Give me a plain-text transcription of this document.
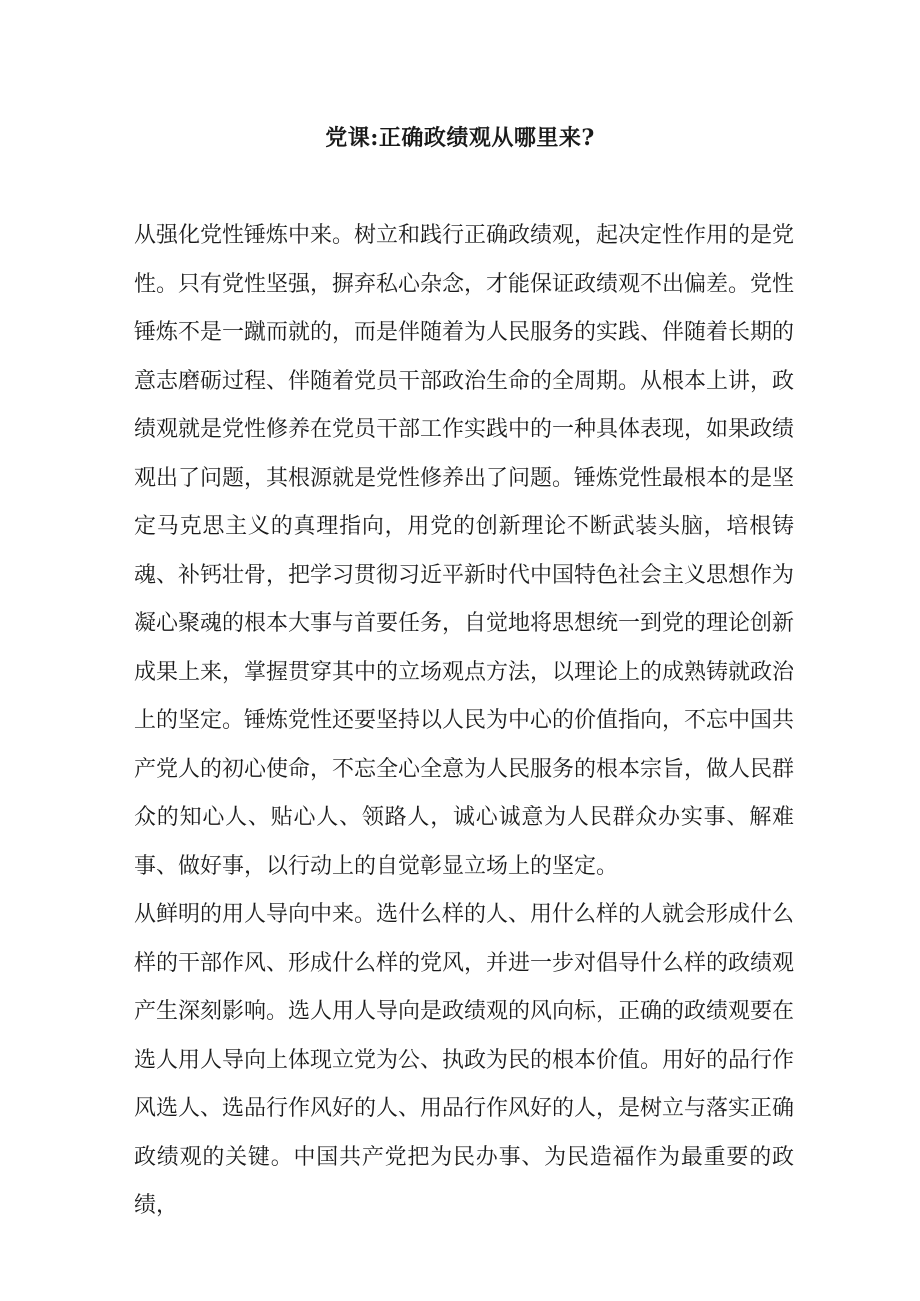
党课:正确政绩观从哪里来?

从强化党性锤炼中来。树立和践行正确政绩观，起决定性作用的是党性。只有党性坚强，摒弃私心杂念，才能保证政绩观不出偏差。党性锤炼不是一蹴而就的，而是伴随着为人民服务的实践、伴随着长期的意志磨砺过程、伴随着党员干部政治生命的全周期。从根本上讲，政绩观就是党性修养在党员干部工作实践中的一种具体表现，如果政绩观出了问题，其根源就是党性修养出了问题。锤炼党性最根本的是坚定马克思主义的真理指向，用党的创新理论不断武装头脑，培根铸魂、补钙壮骨，把学习贯彻习近平新时代中国特色社会主义思想作为凝心聚魂的根本大事与首要任务，自觉地将思想统一到党的理论创新成果上来，掌握贯穿其中的立场观点方法，以理论上的成熟铸就政治上的坚定。锤炼党性还要坚持以人民为中心的价值指向，不忘中国共产党人的初心使命，不忘全心全意为人民服务的根本宗旨，做人民群众的知心人、贴心人、领路人，诚心诚意为人民群众办实事、解难事、做好事，以行动上的自觉彰显立场上的坚定。

从鲜明的用人导向中来。选什么样的人、用什么样的人就会形成什么样的干部作风、形成什么样的党风，并进一步对倡导什么样的政绩观产生深刻影响。选人用人导向是政绩观的风向标，正确的政绩观要在选人用人导向上体现立党为公、执政为民的根本价值。用好的品行作风选人、选品行作风好的人、用品行作风好的人，是树立与落实正确政绩观的关键。中国共产党把为民办事、为民造福作为最重要的政绩，
